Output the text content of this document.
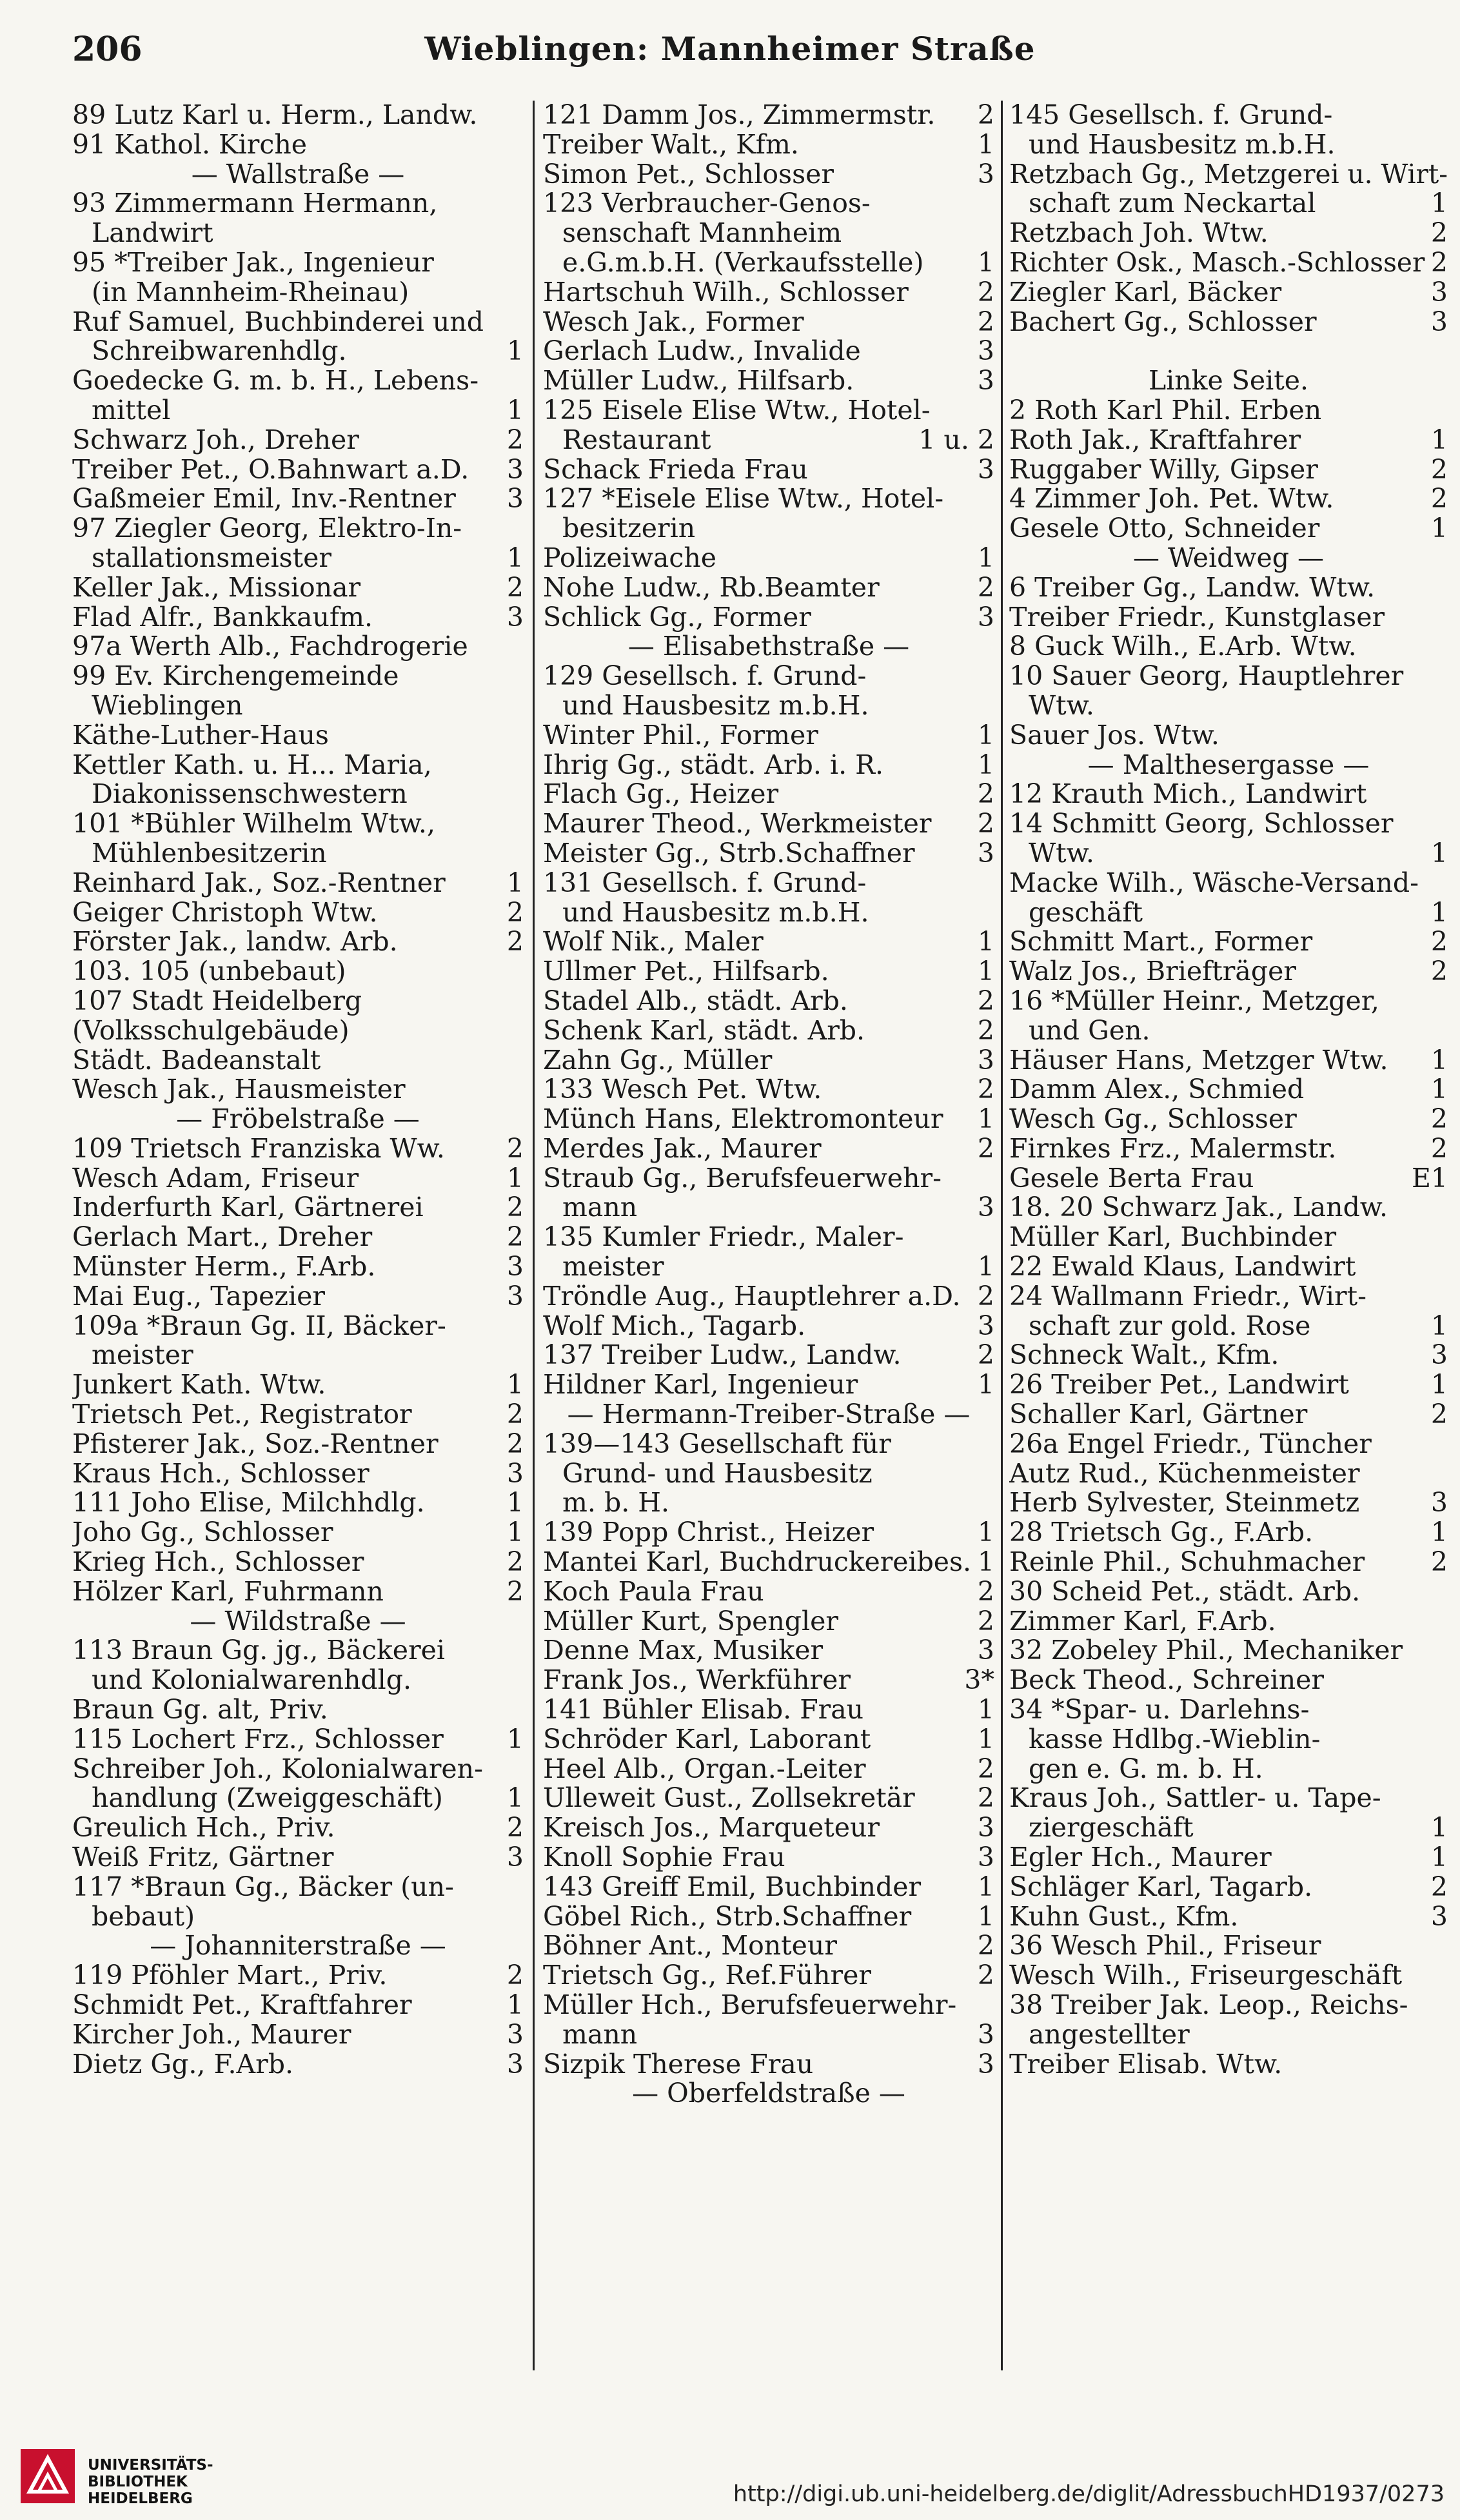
206	Wieblingen: Mannheimer Straße
89 Lutz Karl u. Herm., Landw.
91 Kathol. Kirche
— Wallstraße —
93 Zimmermann Hermann,
Landwirt
95 *Treiber Jak., Ingenieur
(in Mannheim-Rheinau)
Ruf Samuel, Buchbinderei und
Schreibwarenhdlg.	1
Goedecke G. m. b. H., Lebens-
mittel	1
Schwarz Joh., Dreher	2
Treiber Pet., O.Bahnwart a.D. 3
Gaßmeier Emil, Inv.-Rentner 3
97 Ziegler Georg, Elektro-In-
stallationsmeister	1
Keller Jak., Missionar	2
Flad Alfr., Bankkaufm.	3
97a Werth Alb., Fachdrogerie
99 Ev. Kirchengemeinde
Wieblingen
Käthe-Luther-Haus
Kettler Kath. u. H... Maria,
Diakonissenschwestern
101 *Bühler Wilhelm Wtw.,
Mühlenbesitzerin
Reinhard Jak., Soz.-Rentner 1
Geiger Christoph Wtw.	2
Förster Jak., landw. Arb.	2
103. 105 (unbebaut)
107 Stadt Heidelberg
(Volksschulgebäude)
Städt. Badeanstalt
Wesch Jak., Hausmeister
— Fröbelstraße —
109 Trietsch Franziska Ww. 2
Wesch Adam, Friseur	1
Inderfurth Karl, Gärtnerei	2
Gerlach Mart., Dreher	2
Münster Herm., F.Arb.	3
Mai Eug., Tapezier	3
109a *Braun Gg. II, Bäcker-
meister
Junkert Kath. Wtw.	1
Trietsch Pet., Registrator	2
Pfisterer Jak., Soz.-Rentner	2
Kraus Hch., Schlosser	3
111 Joho Elise, Milchhdlg.	1
Joho Gg., Schlosser	1
Krieg Hch., Schlosser	2
Hölzer Karl, Fuhrmann	2
— Wildstraße —
113 Braun Gg. jg., Bäckerei
und Kolonialwarenhdlg.
Braun Gg. alt, Priv.
115 Lochert Frz., Schlosser 1
Schreiber Joh., Kolonialwaren-
handlung (Zweiggeschäft) 1
Greulich Hch., Priv.	2
Weiß Fritz, Gärtner	3
117 *Braun Gg., Bäcker (un-
bebaut)
— Johanniterstraße —
119 Pföhler Mart., Priv.	2
Schmidt Pet., Kraftfahrer	1
Kircher Joh., Maurer	3
Dietz Gg., F.Arb.	3
121 Damm Jos., Zimmermstr. 2
Treiber Walt., Kfm.	1
Simon Pet., Schlosser	3
123 Verbraucher-Genos-
senschaft Mannheim
e.G.m.b.H. (Verkaufsstelle) 1
Hartschuh Wilh., Schlosser	2
Wesch Jak., Former	2
Gerlach Ludw., Invalide	3
Müller Ludw., Hilfsarb.	3
125 Eisele Elise Wtw., Hotel-
Restaurant	1 u. 2
Schack Frieda Frau	3
127 *Eisele Elise Wtw., Hotel-
besitzerin
Polizeiwache	1
Nohe Ludw., Rb.Beamter	2
Schlick Gg., Former	3
— Elisabethstraße —
129 Gesellsch. f. Grund-
und Hausbesitz m.b.H.
Winter Phil., Former	1
Ihrig Gg., städt. Arb. i. R.	1
Flach Gg., Heizer	2
Maurer Theod., Werkmeister 2
Meister Gg., Strb.Schaffner 3
131 Gesellsch. f. Grund-
und Hausbesitz m.b.H.
Wolf Nik., Maler	1
Ullmer Pet., Hilfsarb.	1
Stadel Alb., städt. Arb.	2
Schenk Karl, städt. Arb.	2
Zahn Gg., Müller	3
133 Wesch Pet. Wtw.	2
Münch Hans, Elektromonteur 1
Merdes Jak., Maurer	2
Straub Gg., Berufsfeuerwehr-
mann	3
135 Kumler Friedr., Maler-
meister	1
Tröndle Aug., Hauptlehrer a.D. 2
Wolf Mich., Tagarb.	3
137 Treiber Ludw., Landw.	2
Hildner Karl, Ingenieur	1
— Hermann-Treiber-Straße —
139—143 Gesellschaft für
Grund- und Hausbesitz
m. b. H.
139 Popp Christ., Heizer	1
Mantei Karl, Buchdruckereibes. 1
Koch Paula Frau	2
Müller Kurt, Spengler	2
Denne Max, Musiker	3
Frank Jos., Werkführer	3*
141 Bühler Elisab. Frau	1
Schröder Karl, Laborant	1
Heel Alb., Organ.-Leiter	2
Ulleweit Gust., Zollsekretär 2
Kreisch Jos., Marqueteur	3
Knoll Sophie Frau	3
143 Greiff Emil, Buchbinder 1
Göbel Rich., Strb.Schaffner	1
Böhner Ant., Monteur	2
Trietsch Gg., Ref.Führer	2
Müller Hch., Berufsfeuerwehr-
mann	3
Sizpik Therese Frau	3
— Oberfeldstraße —
145 Gesellsch. f. Grund-
und Hausbesitz m.b.H.
Retzbach Gg., Metzgerei u. Wirt-
schaft zum Neckartal	1
Retzbach Joh. Wtw.	2
Richter Osk., Masch.-Schlosser 2
Ziegler Karl, Bäcker	3
Bachert Gg., Schlosser	3
Linke Seite.
2 Roth Karl Phil. Erben
Roth Jak., Kraftfahrer	1
Ruggaber Willy, Gipser	2
4 Zimmer Joh. Pet. Wtw.	2
Gesele Otto, Schneider	1
— Weidweg —
6 Treiber Gg., Landw. Wtw.
Treiber Friedr., Kunstglaser
8 Guck Wilh., E.Arb. Wtw.
10 Sauer Georg, Hauptlehrer
Wtw.
Sauer Jos. Wtw.
— Malthesergasse —
12 Krauth Mich., Landwirt
14 Schmitt Georg, Schlosser
Wtw.	1
Macke Wilh., Wäsche-Versand-
geschäft	1
Schmitt Mart., Former	2
Walz Jos., Briefträger	2
16 *Müller Heinr., Metzger,
und Gen.
Häuser Hans, Metzger Wtw. 1
Damm Alex., Schmied	1
Wesch Gg., Schlosser	2
Firnkes Frz., Malermstr.	2
Gesele Berta Frau	E1
18. 20 Schwarz Jak., Landw.
Müller Karl, Buchbinder
22 Ewald Klaus, Landwirt
24 Wallmann Friedr., Wirt-
schaft zur gold. Rose	1
Schneck Walt., Kfm.	3
26 Treiber Pet., Landwirt	1
Schaller Karl, Gärtner	2
26a Engel Friedr., Tüncher
Autz Rud., Küchenmeister
Herb Sylvester, Steinmetz	3
28 Trietsch Gg., F.Arb.	1
Reinle Phil., Schuhmacher	2
30 Scheid Pet., städt. Arb.
Zimmer Karl, F.Arb.
32 Zobeley Phil., Mechaniker
Beck Theod., Schreiner
34 *Spar- u. Darlehns-
kasse Hdlbg.-Wieblin-
gen e. G. m. b. H.
Kraus Joh., Sattler- u. Tape-
ziergeschäft	1
Egler Hch., Maurer	1
Schläger Karl, Tagarb.	2
Kuhn Gust., Kfm.	3
36 Wesch Phil., Friseur
Wesch Wilh., Friseurgeschäft
38 Treiber Jak. Leop., Reichs-
angestellter
Treiber Elisab. Wtw.
UNIVERSITÄTS-
BIBLIOTHEK
HEIDELBERG	http://digi.ub.uni-heidelberg.de/diglit/AdressbuchHD1937/0273
